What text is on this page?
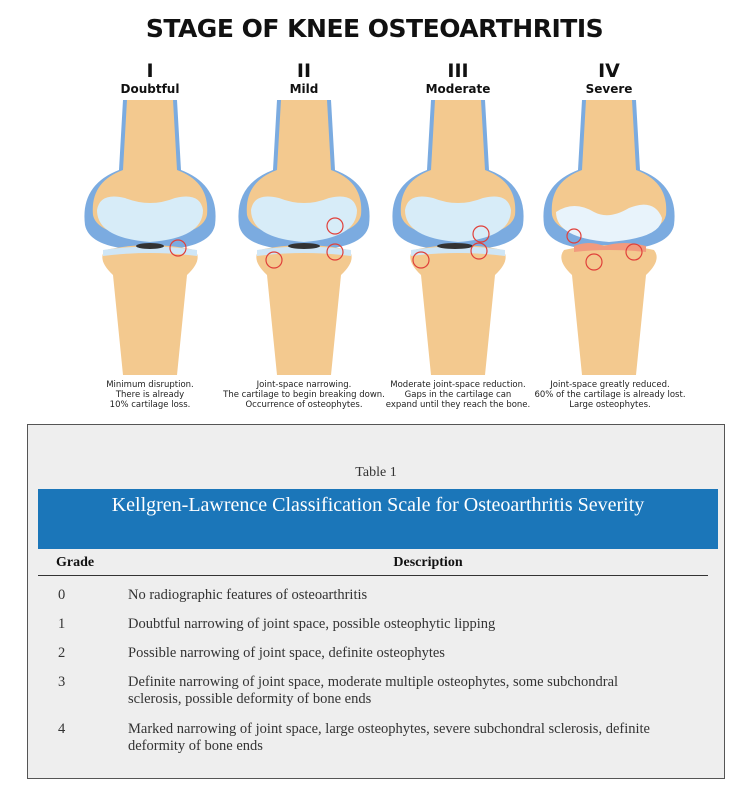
STAGE OF KNEE OSTEOARTHRITIS
I
Doubtful
II
Mild
III
Moderate
IV
Severe
Minimum disruption.
There is already
10% cartilage loss.
Joint-space narrowing.
The cartilage to begin breaking down.
Occurrence of osteophytes.
Moderate joint-space reduction.
Gaps in the cartilage can
expand until they reach the bone.
Joint-space greatly reduced.
60% of the cartilage is already lost.
Large osteophytes.
Table 1
Kellgren-Lawrence Classification Scale for Osteoarthritis Severity
Grade	Description
0	No radiographic features of osteoarthritis
1	Doubtful narrowing of joint space, possible osteophytic lipping
2	Possible narrowing of joint space, definite osteophytes
3	Definite narrowing of joint space, moderate multiple osteophytes, some subchondral sclerosis, possible deformity of bone ends
4	Marked narrowing of joint space, large osteophytes, severe subchondral sclerosis, definite deformity of bone ends
